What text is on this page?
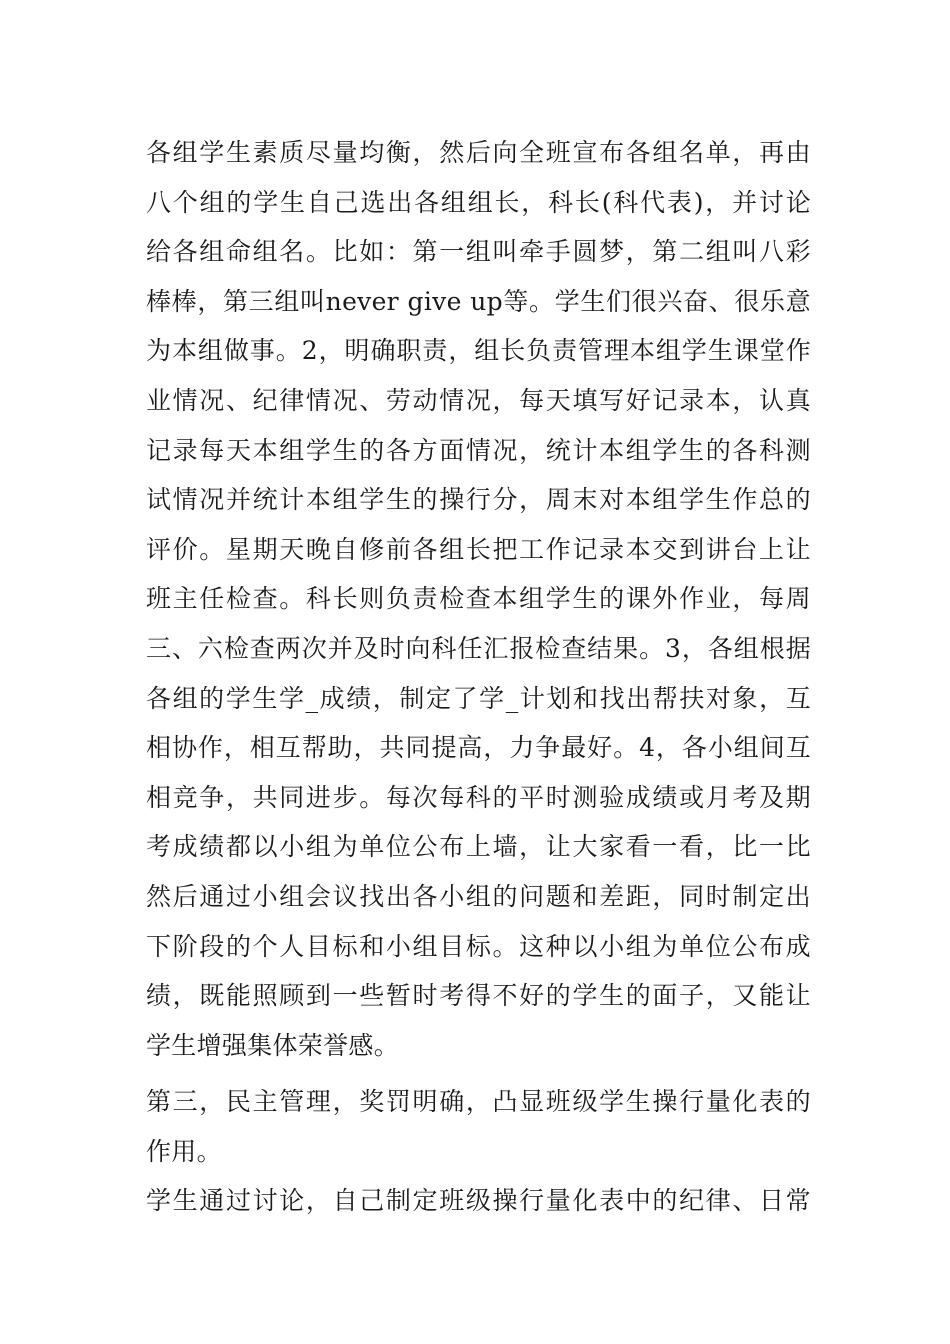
各组学生素质尽量均衡，然后向全班宣布各组名单，再由
八个组的学生自己选出各组组长，科长(科代表)，并讨论
给各组命组名。比如：第一组叫牵手圆梦，第二组叫八彩
棒棒，第三组叫never give up等。学生们很兴奋、很乐意
为本组做事。2，明确职责，组长负责管理本组学生课堂作
业情况、纪律情况、劳动情况，每天填写好记录本，认真
记录每天本组学生的各方面情况，统计本组学生的各科测
试情况并统计本组学生的操行分，周末对本组学生作总的
评价。星期天晚自修前各组长把工作记录本交到讲台上让
班主任检查。科长则负责检查本组学生的课外作业，每周
三、六检查两次并及时向科任汇报检查结果。3，各组根据
各组的学生学_成绩，制定了学_计划和找出帮扶对象，互
相协作，相互帮助，共同提高，力争最好。4，各小组间互
相竞争，共同进步。每次每科的平时测验成绩或月考及期
考成绩都以小组为单位公布上墙，让大家看一看，比一比
然后通过小组会议找出各小组的问题和差距，同时制定出
下阶段的个人目标和小组目标。这种以小组为单位公布成
绩，既能照顾到一些暂时考得不好的学生的面子，又能让
学生增强集体荣誉感。
第三，民主管理，奖罚明确，凸显班级学生操行量化表的
作用。
学生通过讨论，自己制定班级操行量化表中的纪律、日常
